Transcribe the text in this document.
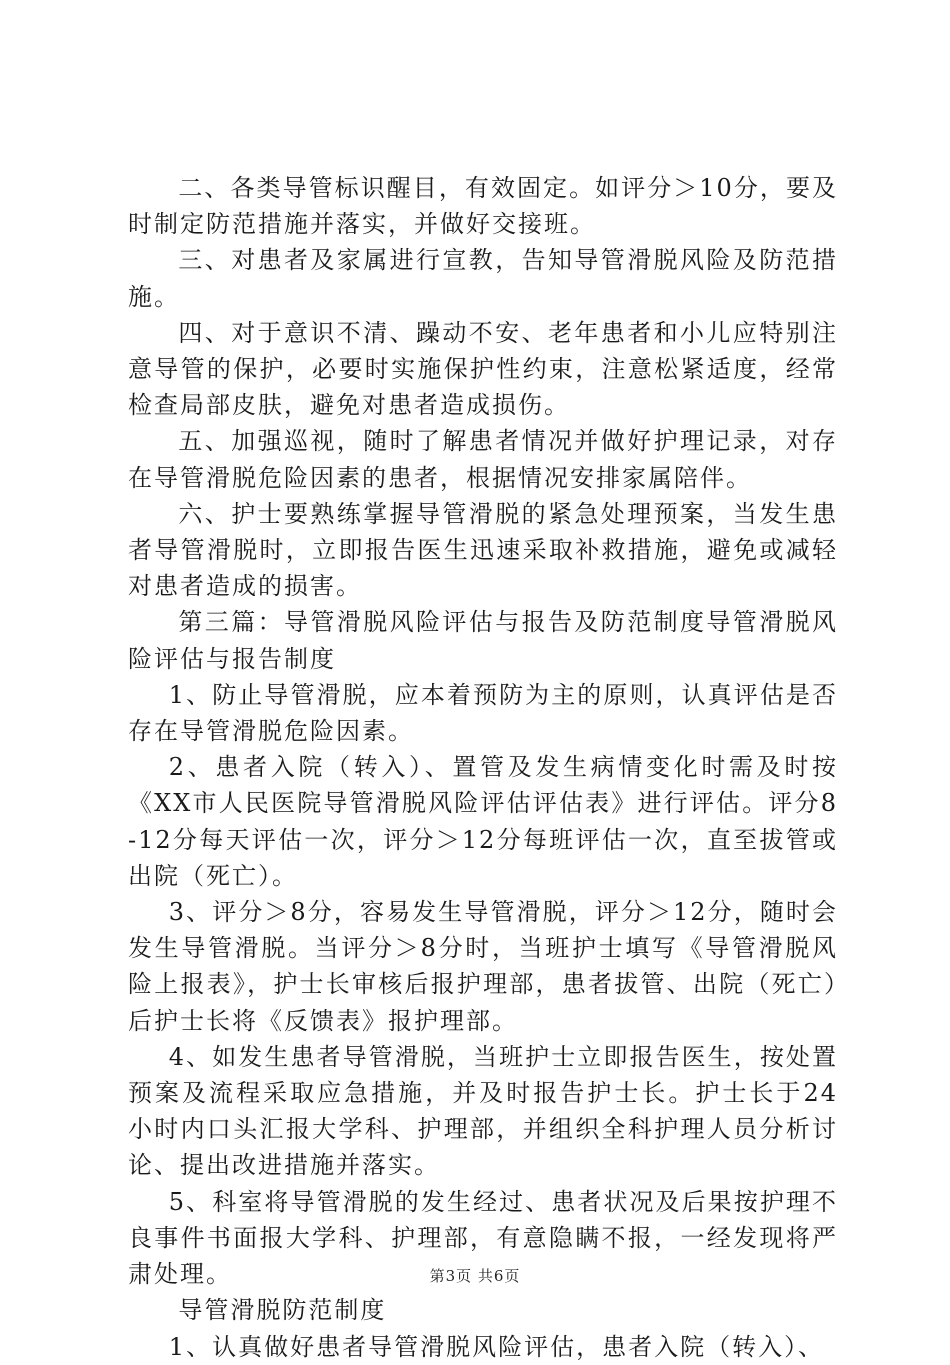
二、各类导管标识醒目，有效固定。如评分＞10分，要及时制定防范措施并落实，并做好交接班。

三、对患者及家属进行宣教，告知导管滑脱风险及防范措施。

四、对于意识不清、躁动不安、老年患者和小儿应特别注意导管的保护，必要时实施保护性约束，注意松紧适度，经常检查局部皮肤，避免对患者造成损伤。

五、加强巡视，随时了解患者情况并做好护理记录，对存在导管滑脱危险因素的患者，根据情况安排家属陪伴。

六、护士要熟练掌握导管滑脱的紧急处理预案，当发生患者导管滑脱时，立即报告医生迅速采取补救措施，避免或减轻对患者造成的损害。

第三篇：导管滑脱风险评估与报告及防范制度导管滑脱风险评估与报告制度

1、防止导管滑脱，应本着预防为主的原则，认真评估是否存在导管滑脱危险因素。

2、患者入院（转入）、置管及发生病情变化时需及时按《XX市人民医院导管滑脱风险评估评估表》进行评估。评分8-12分每天评估一次，评分＞12分每班评估一次，直至拔管或出院（死亡）。

3、评分＞8分，容易发生导管滑脱，评分＞12分，随时会发生导管滑脱。当评分＞8分时，当班护士填写《导管滑脱风险上报表》，护士长审核后报护理部，患者拔管、出院（死亡）后护士长将《反馈表》报护理部。

4、如发生患者导管滑脱，当班护士立即报告医生，按处置预案及流程采取应急措施，并及时报告护士长。护士长于24小时内口头汇报大学科、护理部，并组织全科护理人员分析讨论、提出改进措施并落实。

5、科室将导管滑脱的发生经过、患者状况及后果按护理不良事件书面报大学科、护理部，有意隐瞒不报，一经发现将严肃处理。

导管滑脱防范制度

1、认真做好患者导管滑脱风险评估，患者入院（转入）、

第3页 共6页
